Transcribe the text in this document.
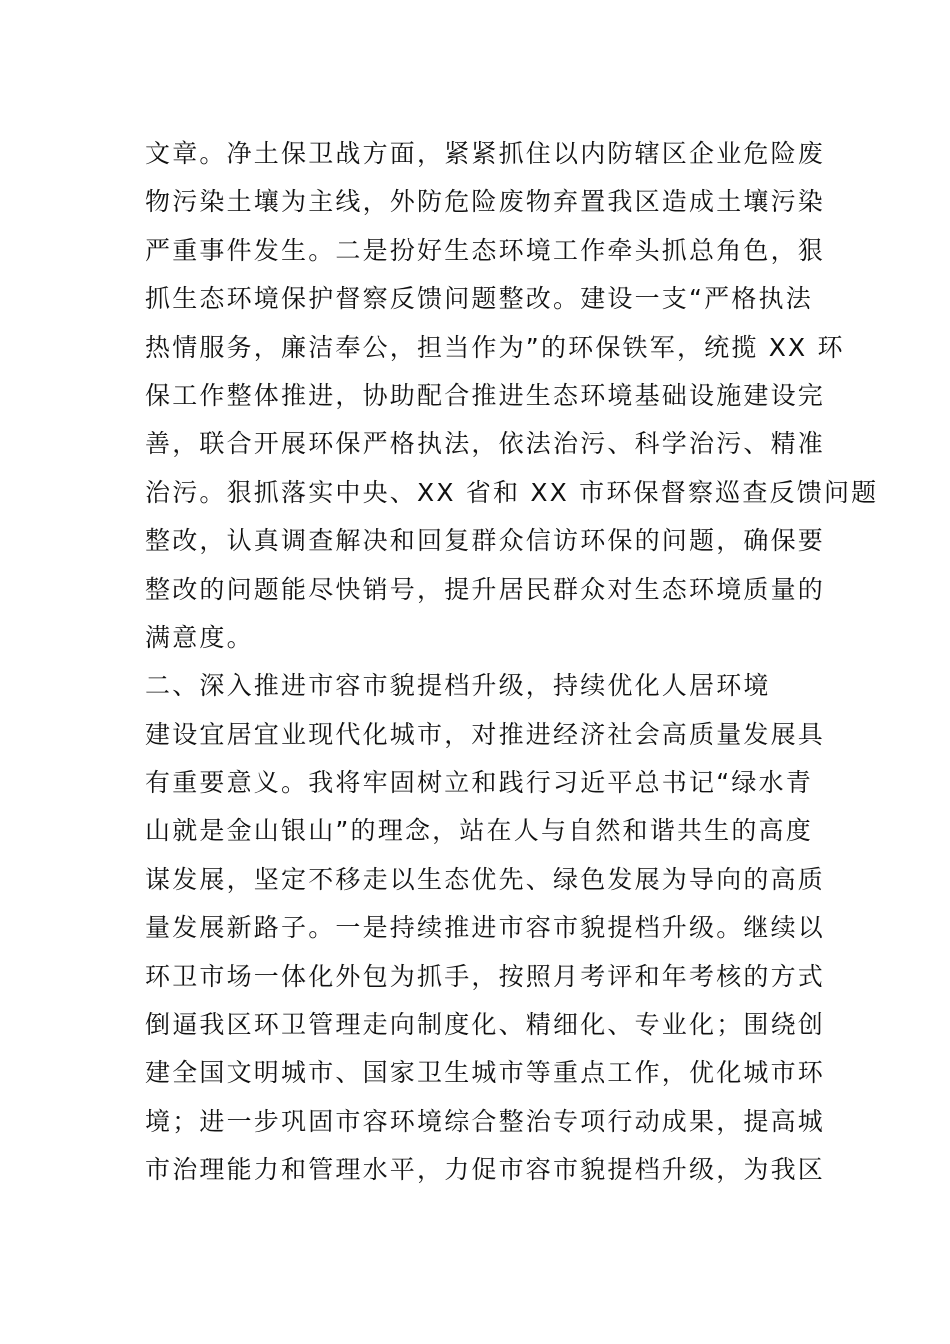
文章。净土保卫战方面，紧紧抓住以内防辖区企业危险废
物污染土壤为主线，外防危险废物弃置我区造成土壤污染
严重事件发生。二是扮好生态环境工作牵头抓总角色，狠
抓生态环境保护督察反馈问题整改。建设一支“严格执法
热情服务，廉洁奉公，担当作为”的环保铁军，统揽 XX 环
保工作整体推进，协助配合推进生态环境基础设施建设完
善，联合开展环保严格执法，依法治污、科学治污、精准
治污。狠抓落实中央、XX 省和 XX 市环保督察巡查反馈问题
整改，认真调查解决和回复群众信访环保的问题，确保要
整改的问题能尽快销号，提升居民群众对生态环境质量的
满意度。
二、深入推进市容市貌提档升级，持续优化人居环境
建设宜居宜业现代化城市，对推进经济社会高质量发展具
有重要意义。我将牢固树立和践行习近平总书记“绿水青
山就是金山银山”的理念，站在人与自然和谐共生的高度
谋发展，坚定不移走以生态优先、绿色发展为导向的高质
量发展新路子。一是持续推进市容市貌提档升级。继续以
环卫市场一体化外包为抓手，按照月考评和年考核的方式
倒逼我区环卫管理走向制度化、精细化、专业化；围绕创
建全国文明城市、国家卫生城市等重点工作，优化城市环
境；进一步巩固市容环境综合整治专项行动成果，提高城
市治理能力和管理水平，力促市容市貌提档升级，为我区
